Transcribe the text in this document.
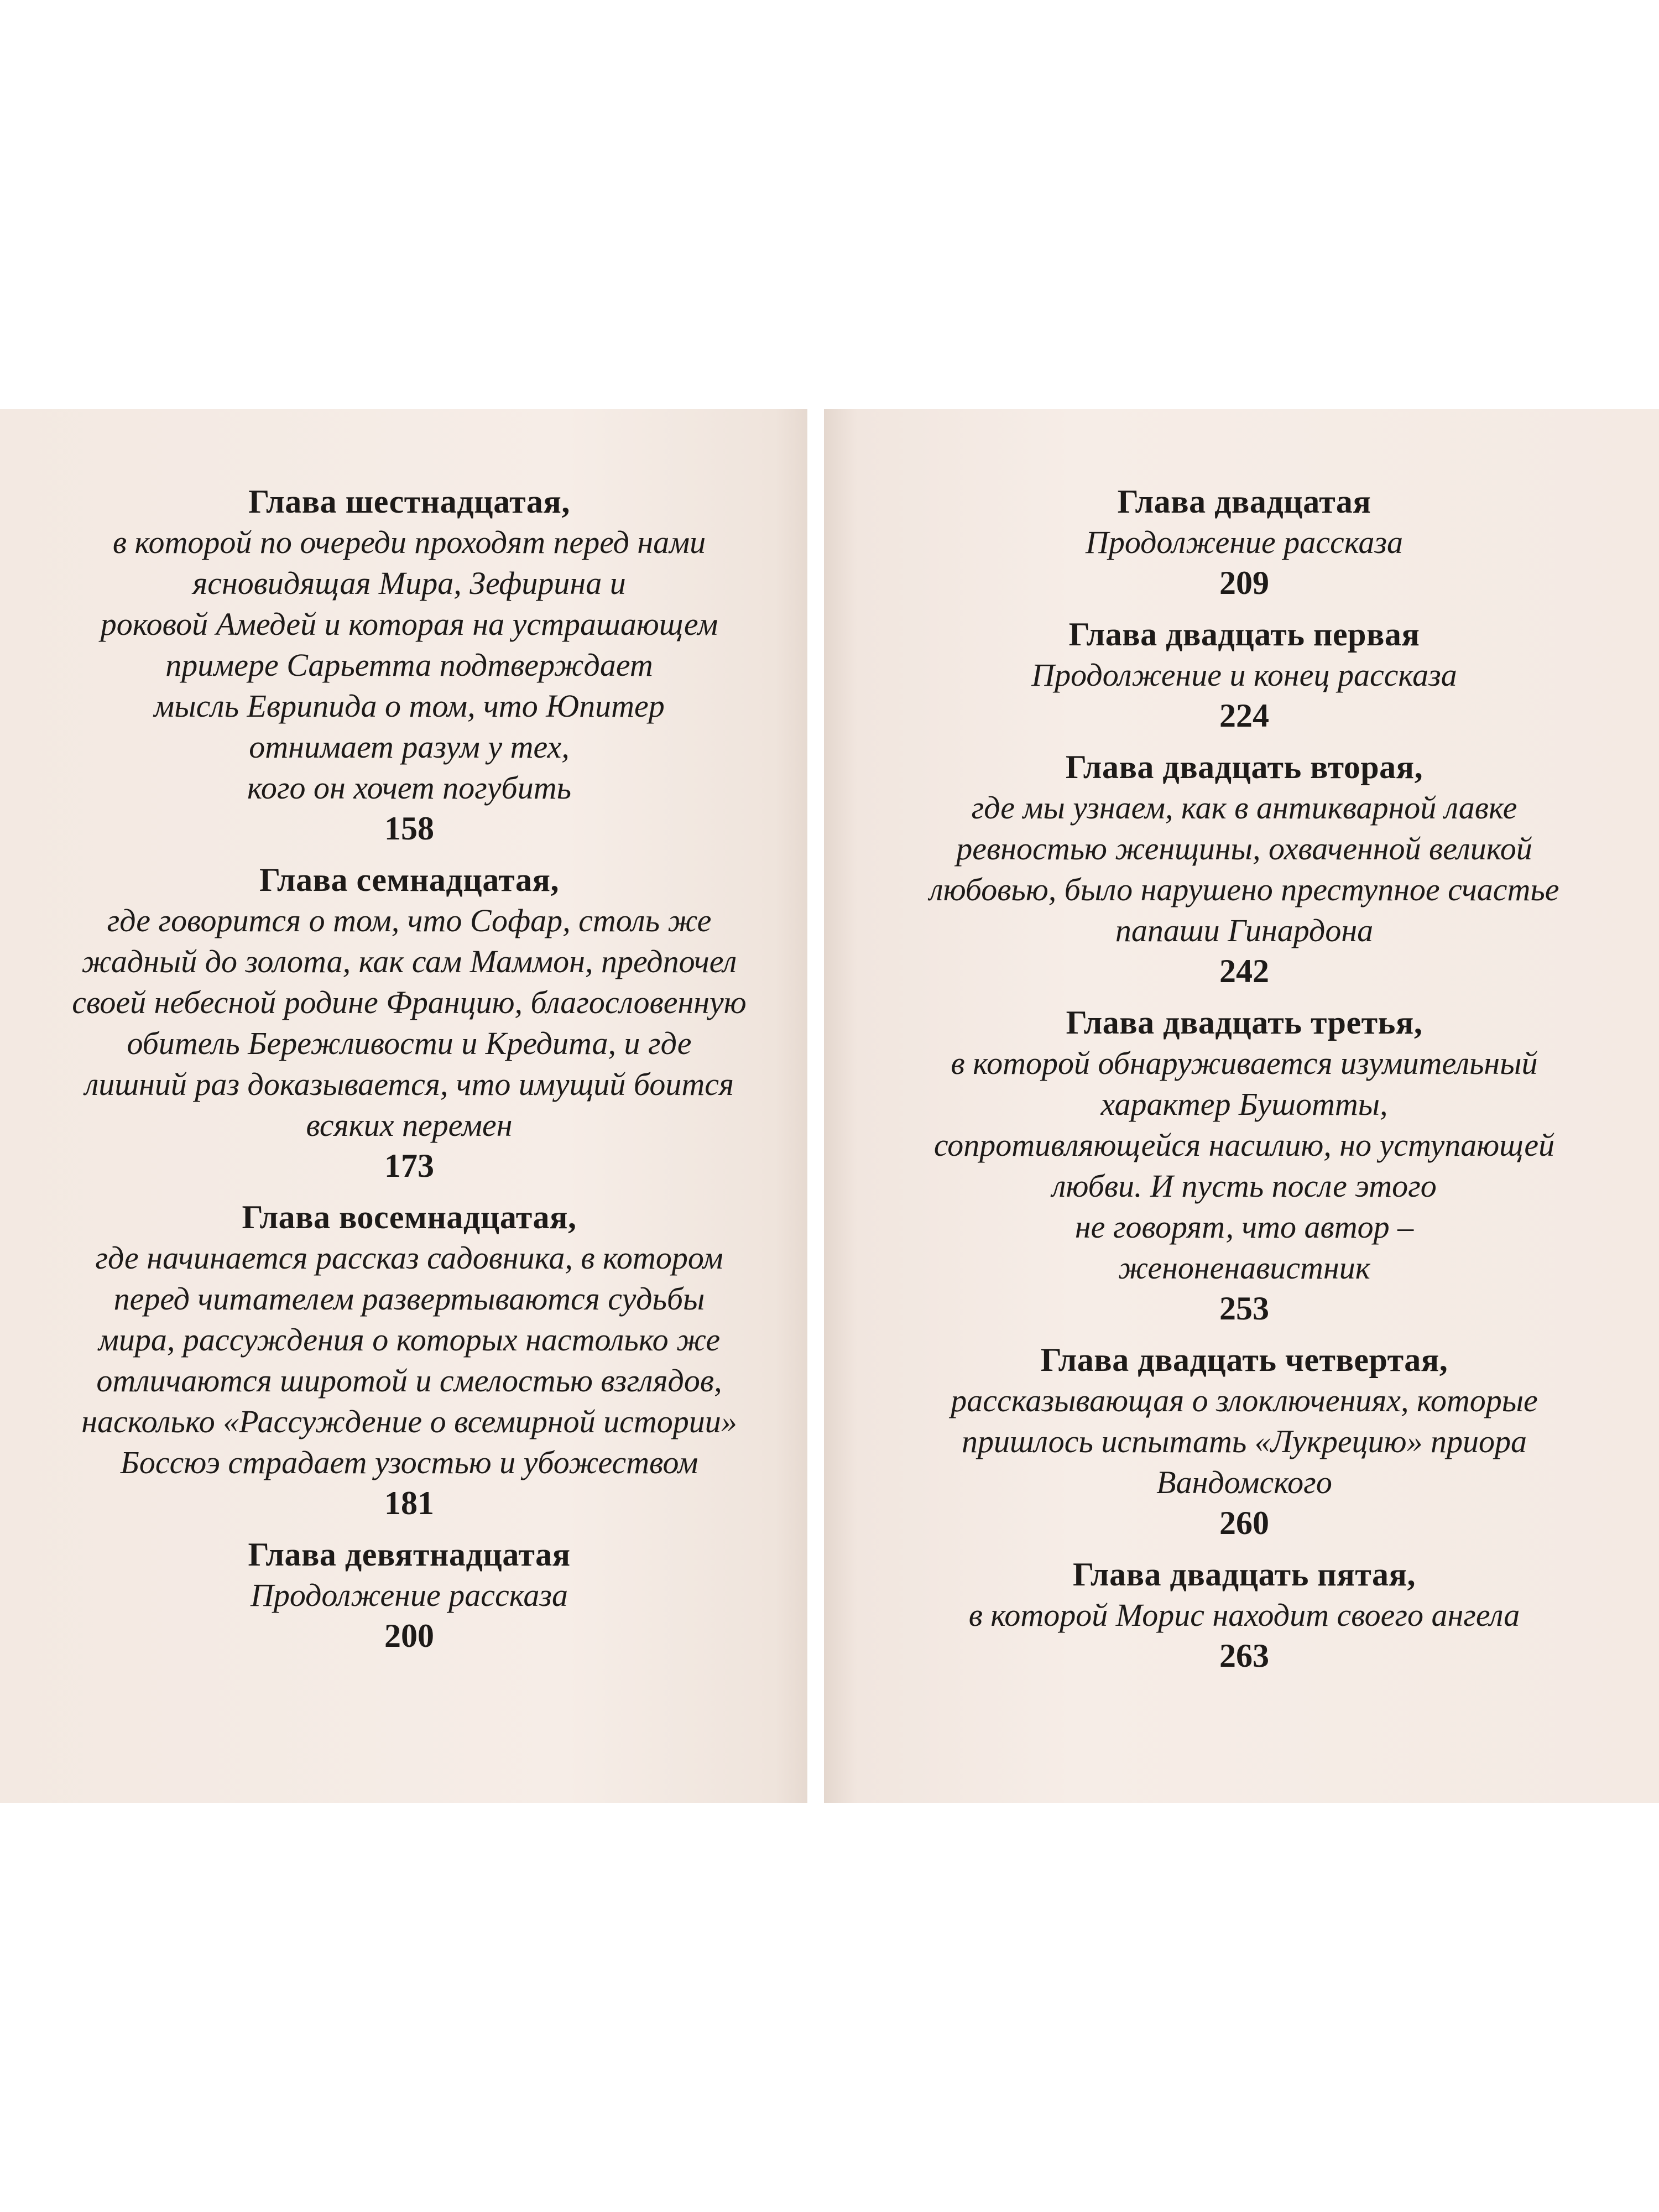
Глава шестнадцатая,
в которой по очереди проходят перед нами
ясновидящая Мира, Зефирина и
роковой Амедей и которая на устрашающем
примере Сарьетта подтверждает
мысль Еврипида о том, что Юпитер
отнимает разум у тех,
кого он хочет погубить
158
Глава семнадцатая,
где говорится о том, что Софар, столь же
жадный до золота, как сам Маммон, предпочел
своей небесной родине Францию, благословенную
обитель Бережливости и Кредита, и где
лишний раз доказывается, что имущий боится
всяких перемен
173
Глава восемнадцатая,
где начинается рассказ садовника, в котором
перед читателем развертываются судьбы
мира, рассуждения о которых настолько же
отличаются широтой и смелостью взглядов,
насколько «Рассуждение о всемирной истории»
Боссюэ страдает узостью и убожеством
181
Глава девятнадцатая
Продолжение рассказа
200
Глава двадцатая
Продолжение рассказа
209
Глава двадцать первая
Продолжение и конец рассказа
224
Глава двадцать вторая,
где мы узнаем, как в антикварной лавке
ревностью женщины, охваченной великой
любовью, было нарушено преступное счастье
папаши Гинардона
242
Глава двадцать третья,
в которой обнаруживается изумительный
характер Бушотты,
сопротивляющейся насилию, но уступающей
любви. И пусть после этого
не говорят, что автор –
женоненавистник
253
Глава двадцать четвертая,
рассказывающая о злоключениях, которые
пришлось испытать «Лукрецию» приора
Вандомского
260
Глава двадцать пятая,
в которой Морис находит своего ангела
263
